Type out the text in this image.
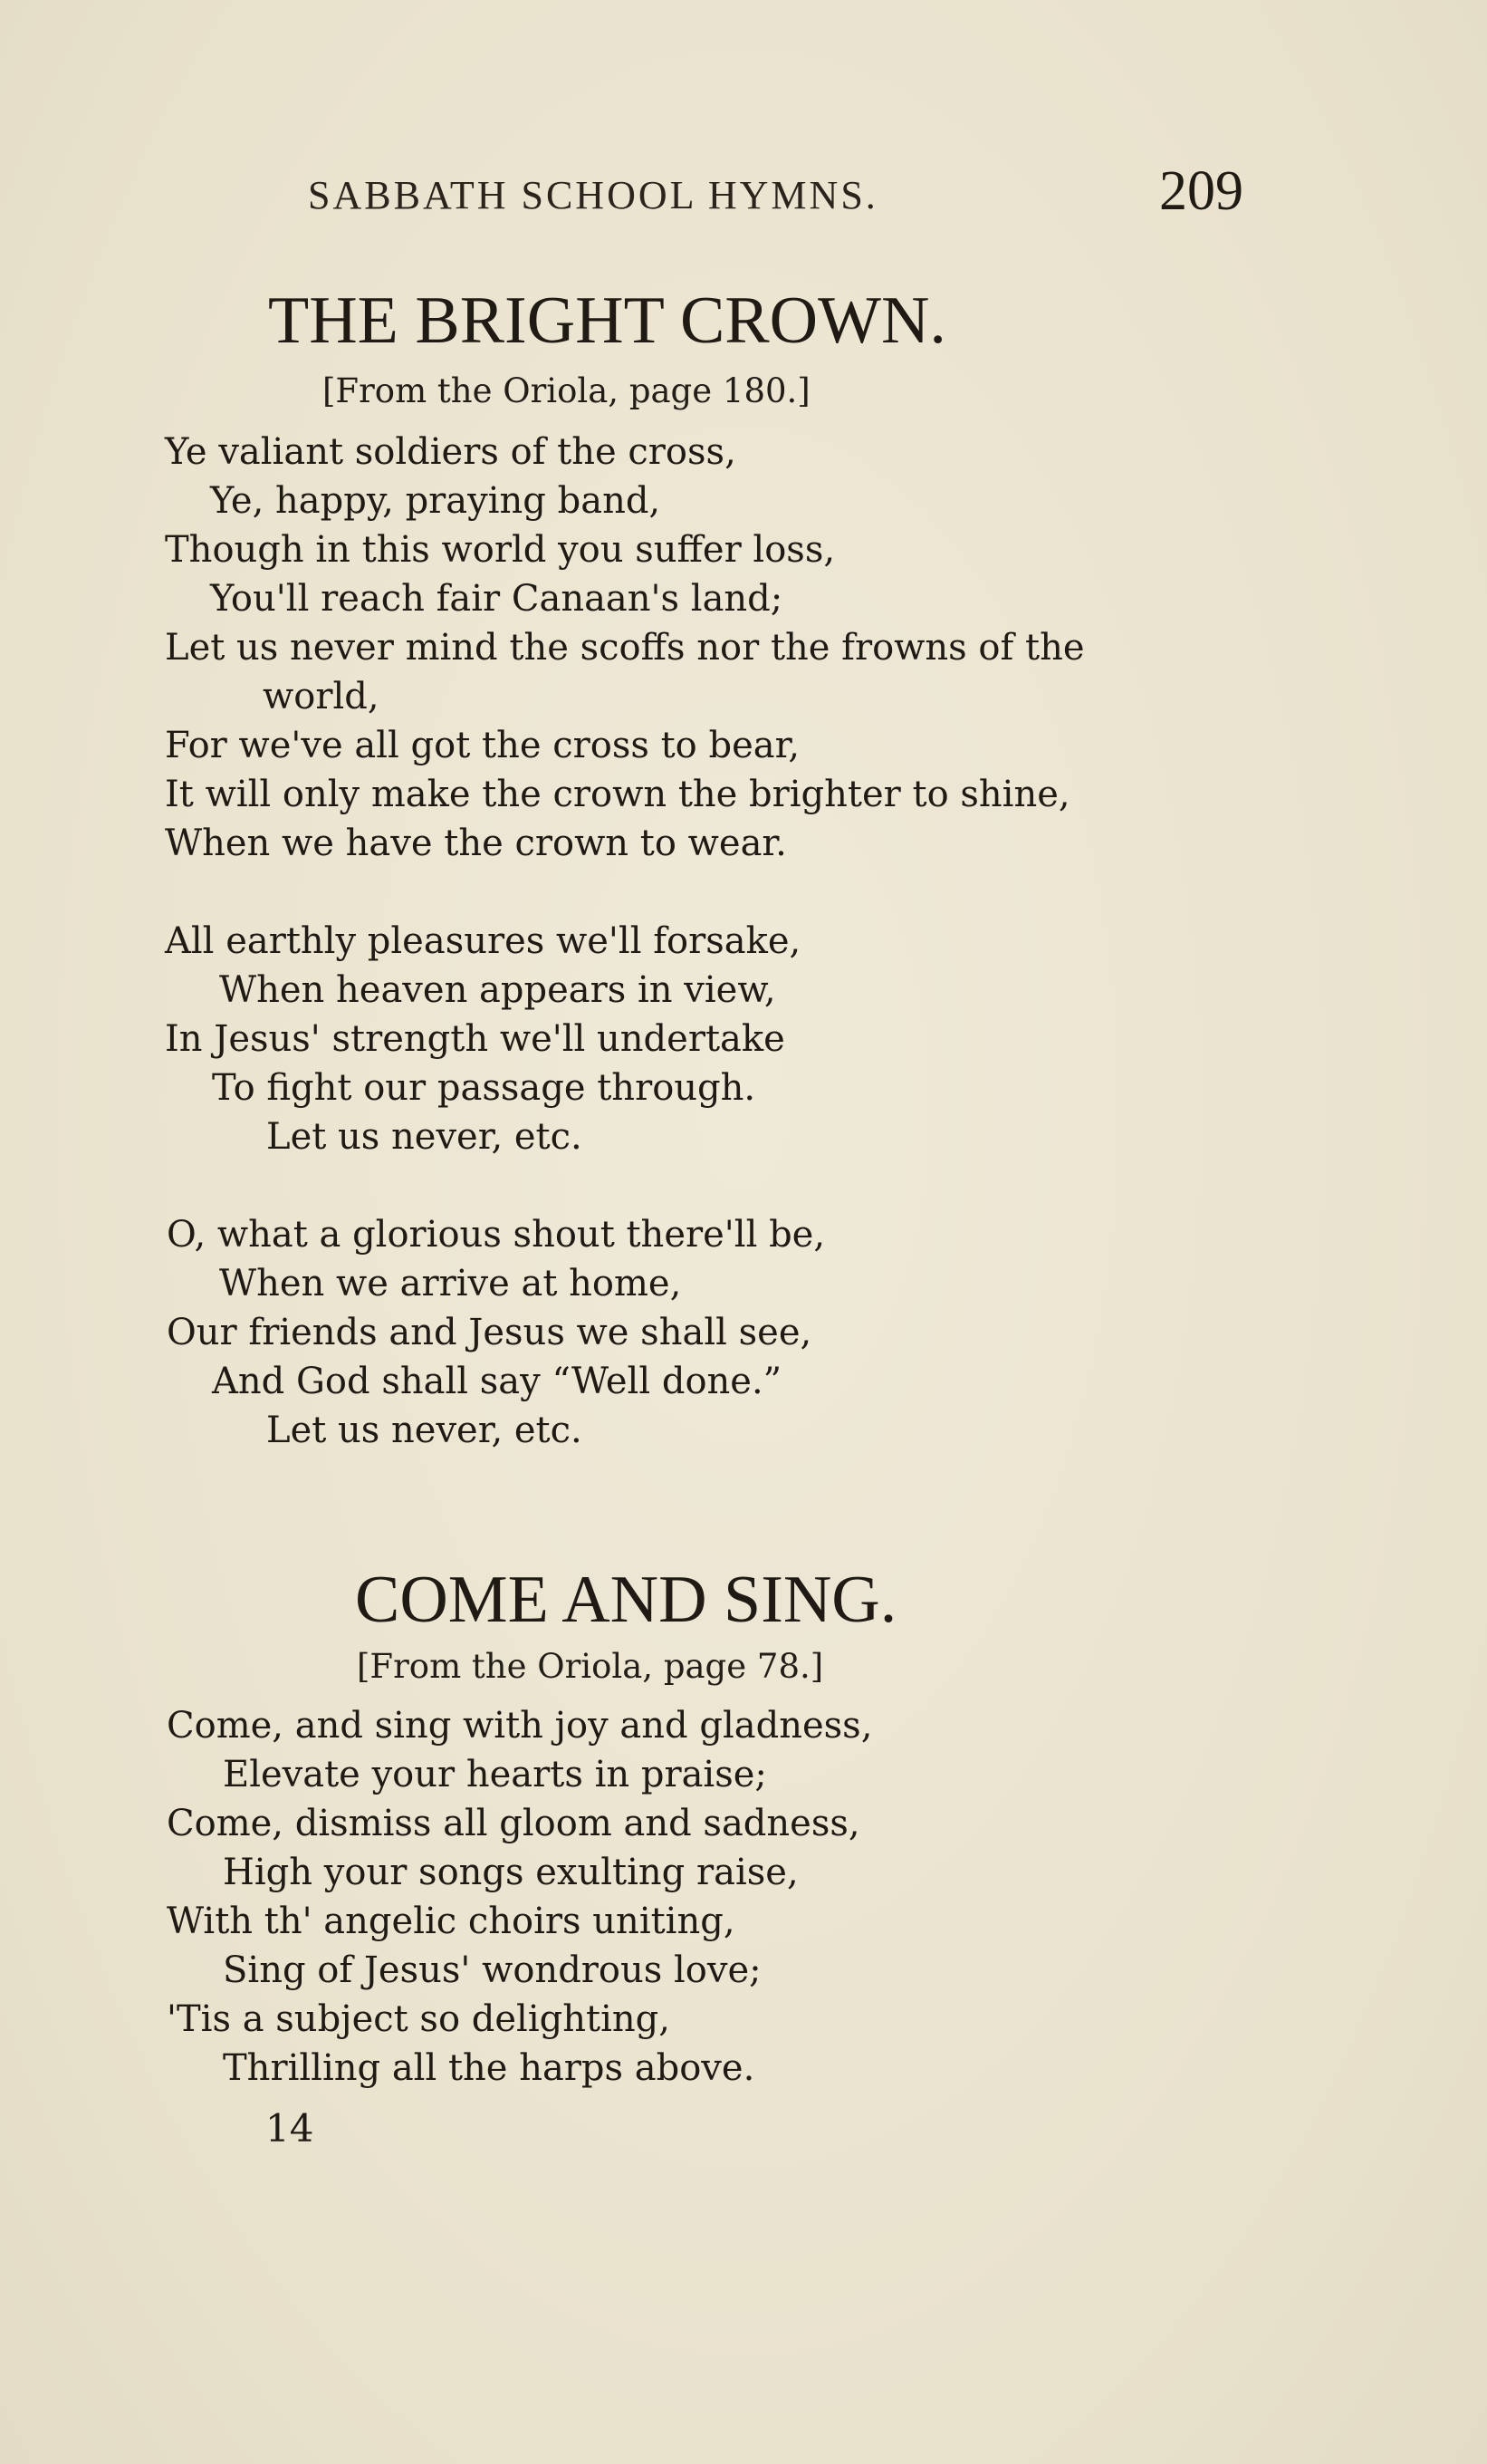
SABBATH SCHOOL HYMNS.	209
THE BRIGHT CROWN.
[From the Oriola, page 180.]
Ye valiant soldiers of the cross,
Ye, happy, praying band,
Though in this world you suffer loss,
You'll reach fair Canaan's land;
Let us never mind the scoffs nor the frowns of the
world,
For we've all got the cross to bear,
It will only make the crown the brighter to shine,
When we have the crown to wear.
All earthly pleasures we'll forsake,
When heaven appears in view,
In Jesus' strength we'll undertake
To fight our passage through.
Let us never, etc.
O, what a glorious shout there'll be,
When we arrive at home,
Our friends and Jesus we shall see,
And God shall say “Well done.”
Let us never, etc.
COME AND SING.
[From the Oriola, page 78.]
Come, and sing with joy and gladness,
Elevate your hearts in praise;
Come, dismiss all gloom and sadness,
High your songs exulting raise,
With th' angelic choirs uniting,
Sing of Jesus' wondrous love;
'Tis a subject so delighting,
Thrilling all the harps above.
14
